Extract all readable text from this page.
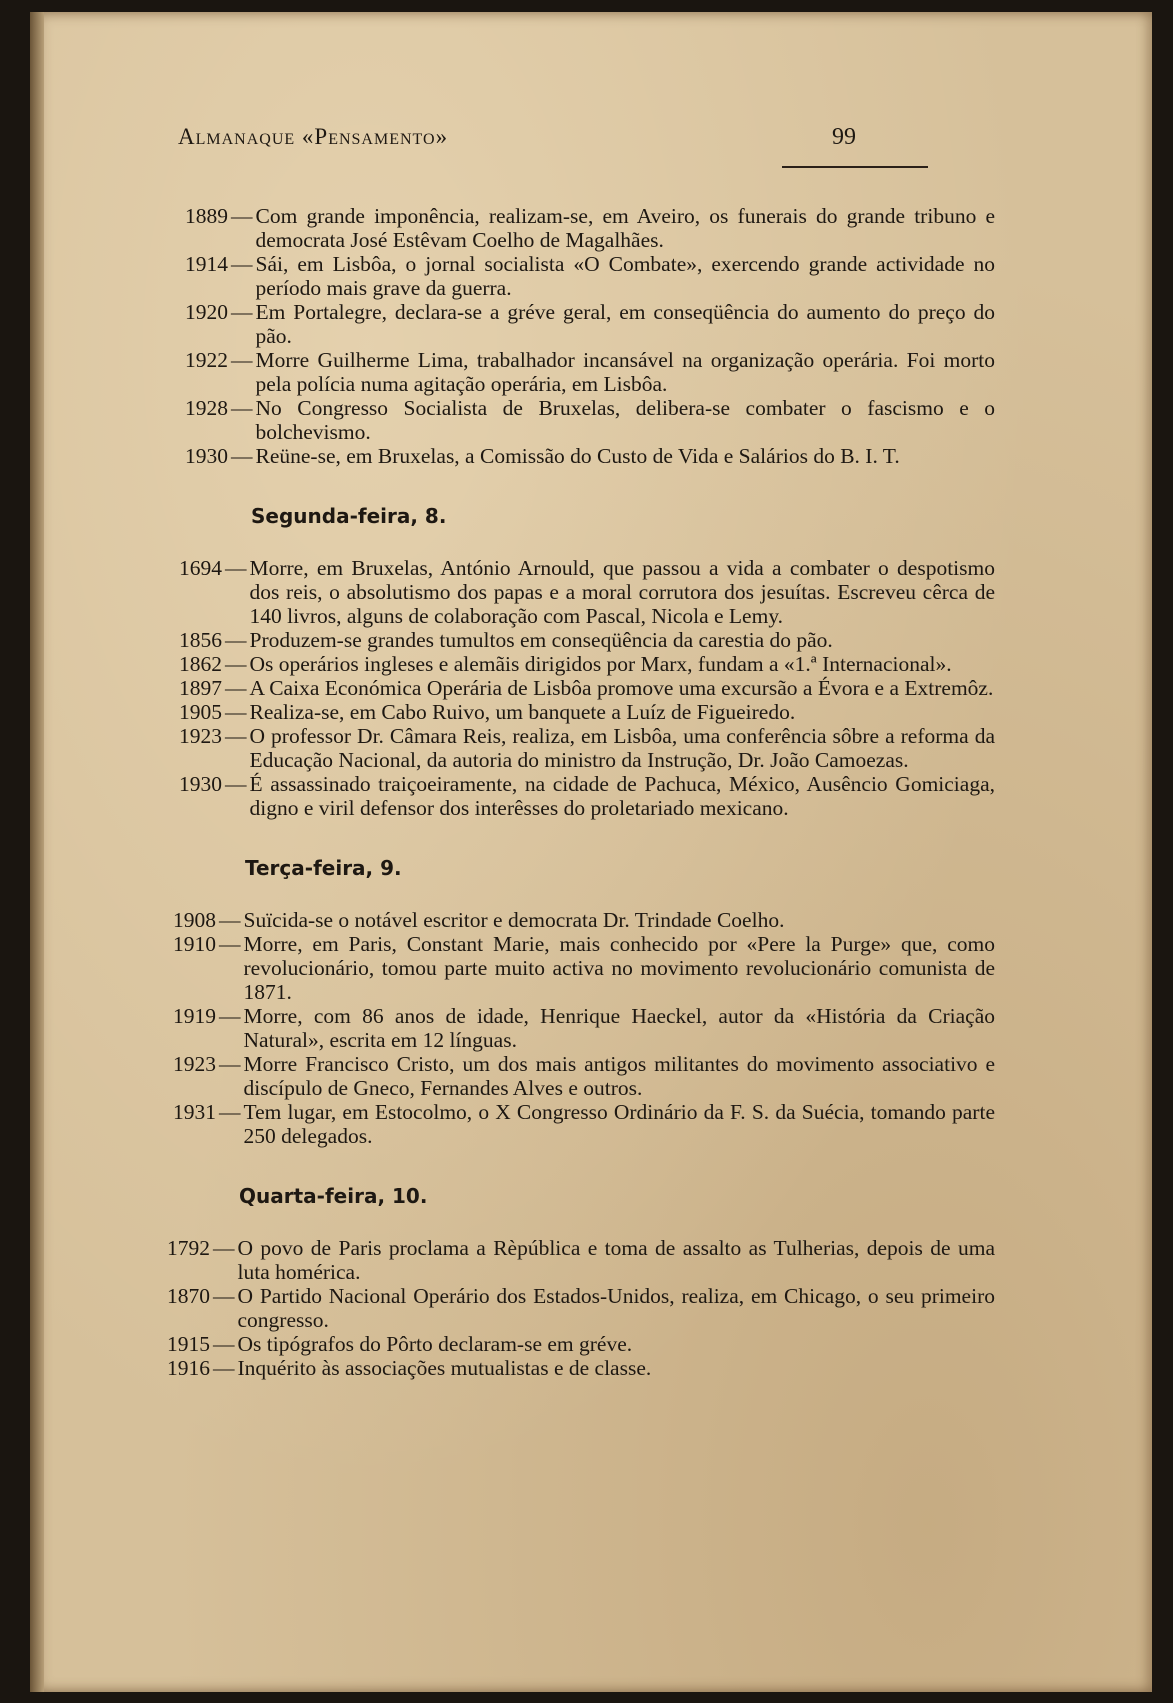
Almanaque «Pensamento»	99
1889 — Com grande imponência, realizam-se, em Aveiro, os funerais do grande tribuno e democrata José Estêvam Coelho de Magalhães.
1914 — Sái, em Lisbôa, o jornal socialista «O Combate», exercendo grande actividade no período mais grave da guerra.
1920 — Em Portalegre, declara-se a gréve geral, em conseqüência do aumento do preço do pão.
1922 — Morre Guilherme Lima, trabalhador incansável na organização operária. Foi morto pela polícia numa agitação operária, em Lisbôa.
1928 — No Congresso Socialista de Bruxelas, delibera-se combater o fascismo e o bolchevismo.
1930 — Reüne-se, em Bruxelas, a Comissão do Custo de Vida e Salários do B. I. T.
Segunda-feira, 8.
1694 — Morre, em Bruxelas, António Arnould, que passou a vida a combater o despotismo dos reis, o absolutismo dos papas e a moral corrutora dos jesuítas. Escreveu cêrca de 140 livros, alguns de colaboração com Pascal, Nicola e Lemy.
1856 — Produzem-se grandes tumultos em conseqüência da carestia do pão.
1862 — Os operários ingleses e alemãis dirigidos por Marx, fundam a «1.ª Internacional».
1897 — A Caixa Económica Operária de Lisbôa promove uma excursão a Évora e a Extremôz.
1905 — Realiza-se, em Cabo Ruivo, um banquete a Luíz de Figueiredo.
1923 — O professor Dr. Câmara Reis, realiza, em Lisbôa, uma conferência sôbre a reforma da Educação Nacional, da autoria do ministro da Instrução, Dr. João Camoezas.
1930 — É assassinado traiçoeiramente, na cidade de Pachuca, México, Ausêncio Gomiciaga, digno e viril defensor dos interêsses do proletariado mexicano.
Terça-feira, 9.
1908 — Suïcida-se o notável escritor e democrata Dr. Trindade Coelho.
1910 — Morre, em Paris, Constant Marie, mais conhecido por «Pere la Purge» que, como revolucionário, tomou parte muito activa no movimento revolucionário comunista de 1871.
1919 — Morre, com 86 anos de idade, Henrique Haeckel, autor da «História da Criação Natural», escrita em 12 línguas.
1923 — Morre Francisco Cristo, um dos mais antigos militantes do movimento associativo e discípulo de Gneco, Fernandes Alves e outros.
1931 — Tem lugar, em Estocolmo, o X Congresso Ordinário da F. S. da Suécia, tomando parte 250 delegados.
Quarta-feira, 10.
1792 — O povo de Paris proclama a Rèpública e toma de assalto as Tulherias, depois de uma luta homérica.
1870 — O Partido Nacional Operário dos Estados-Unidos, realiza, em Chicago, o seu primeiro congresso.
1915 — Os tipógrafos do Pôrto declaram-se em gréve.
1916 — Inquérito às associações mutualistas e de classe.
